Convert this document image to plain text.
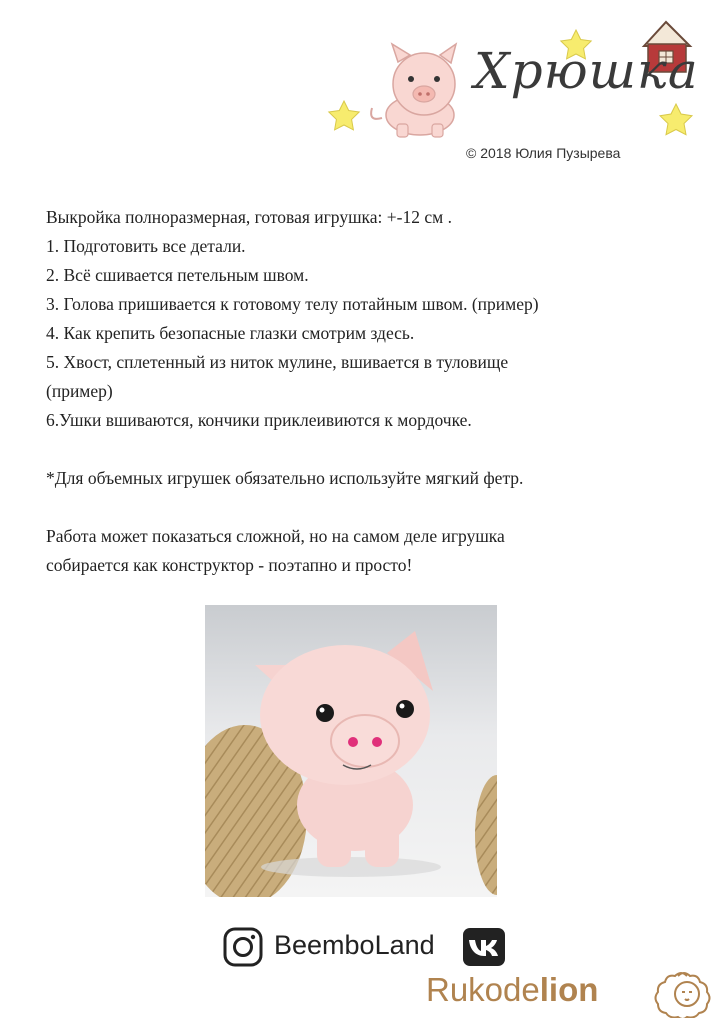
Хрюшка
© 2018 Юлия Пузырева

Выкройка полноразмерная, готовая игрушка: +-12 см .

1. Подготовить все детали.

2. Всё сшивается петельным швом.

3. Голова пришивается к готовому телу потайным швом. (пример)

4. Как крепить безопасные глазки смотрим здесь.

5. Хвост, сплетенный из ниток мулине, вшивается в туловище

(пример)

6.Ушки вшиваются, кончики приклеивиются к мордочке.

*Для объемных игрушек обязательно используйте мягкий фетр.

Работа может показаться сложной, но на самом деле игрушка

собирается как конструктор - поэтапно и просто!

BeemboLand
Rukodelion
